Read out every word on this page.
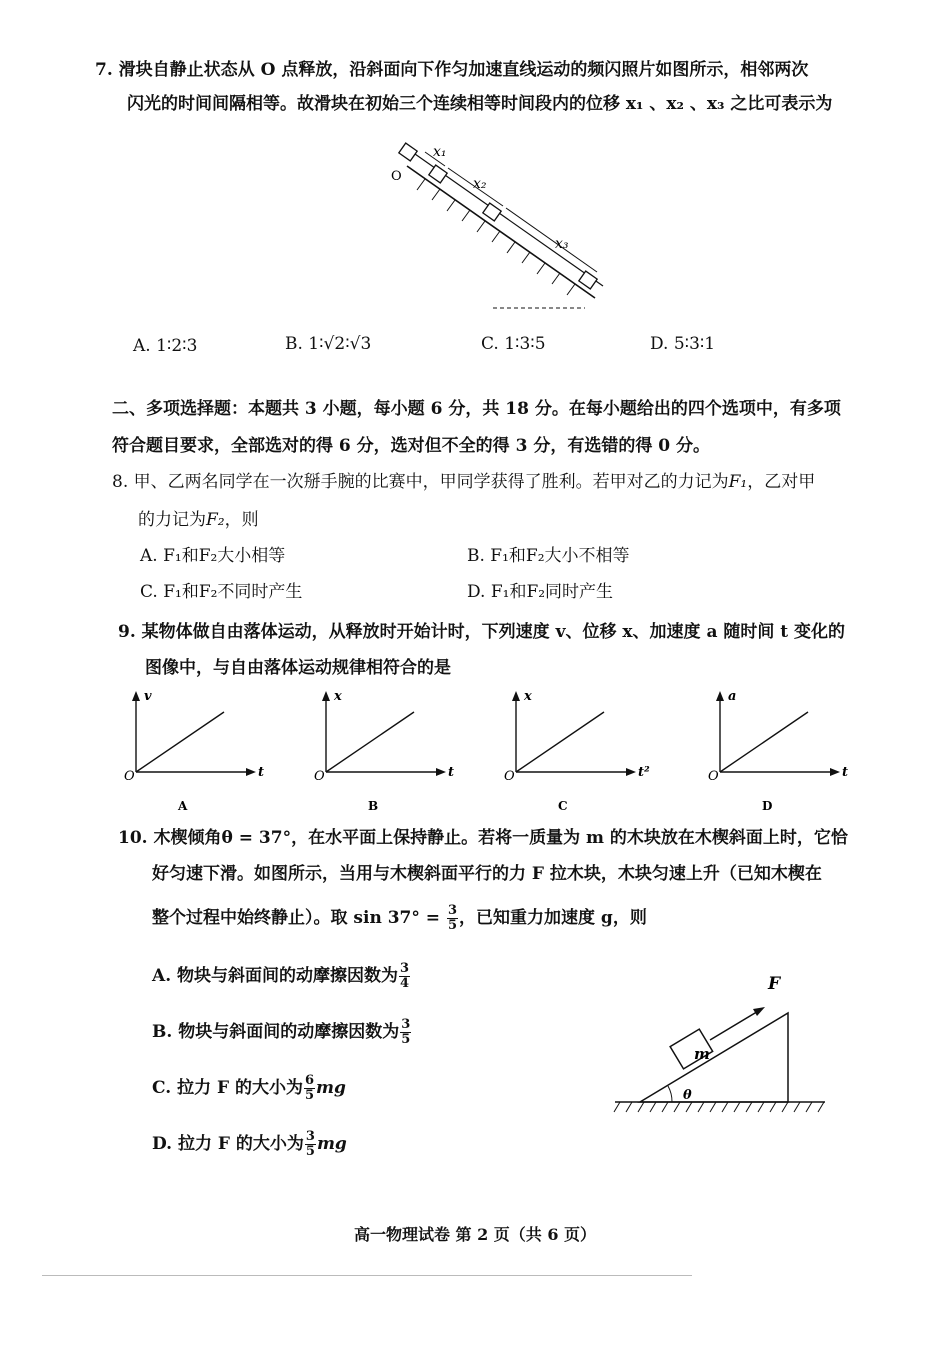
7. 滑块自静止状态从 O 点释放，沿斜面向下作匀加速直线运动的频闪照片如图所示，相邻两次
闪光的时间间隔相等。故滑块在初始三个连续相等时间段内的位移 x₁ 、x₂ 、x₃ 之比可表示为
O
x₁
x₂
x₃
A. 1∶2∶3	B. 1∶√2∶√3	C. 1∶3∶5	D. 5∶3∶1
二、多项选择题：本题共 3 小题，每小题 6 分，共 18 分。在每小题给出的四个选项中，有多项
符合题目要求，全部选对的得 6 分，选对但不全的得 3 分，有选错的得 0 分。
8. 甲、乙两名同学在一次掰手腕的比赛中，甲同学获得了胜利。若甲对乙的力记为F₁，乙对甲
的力记为F₂，则
A. F₁和F₂大小相等	B. F₁和F₂大小不相等
C. F₁和F₂不同时产生	D. F₁和F₂同时产生
9. 某物体做自由落体运动，从释放时开始计时，下列速度 v、位移 x、加速度 a 随时间 t 变化的
图像中，与自由落体运动规律相符合的是
v
t
O
A
x
t
O
B
x
t²
O
C
a
t
O
D
10. 木楔倾角θ = 37°，在水平面上保持静止。若将一质量为 m 的木块放在木楔斜面上时，它恰
好匀速下滑。如图所示，当用与木楔斜面平行的力 F 拉木块，木块匀速上升（已知木楔在
整个过程中始终静止）。取 $\sin 37^\circ = \frac{3}{5}$ ，已知重力加速度 g，则
A. 物块与斜面间的动摩擦因数为 $\frac{3}{4}$
B. 物块与斜面间的动摩擦因数为 $\frac{3}{5}$
C. 拉力 F 的大小为 $\frac{6}{5}$ mg
D. 拉力 F 的大小为 $\frac{3}{5}$ mg
F
m
θ
高一物理试卷 第 2 页（共 6 页）
